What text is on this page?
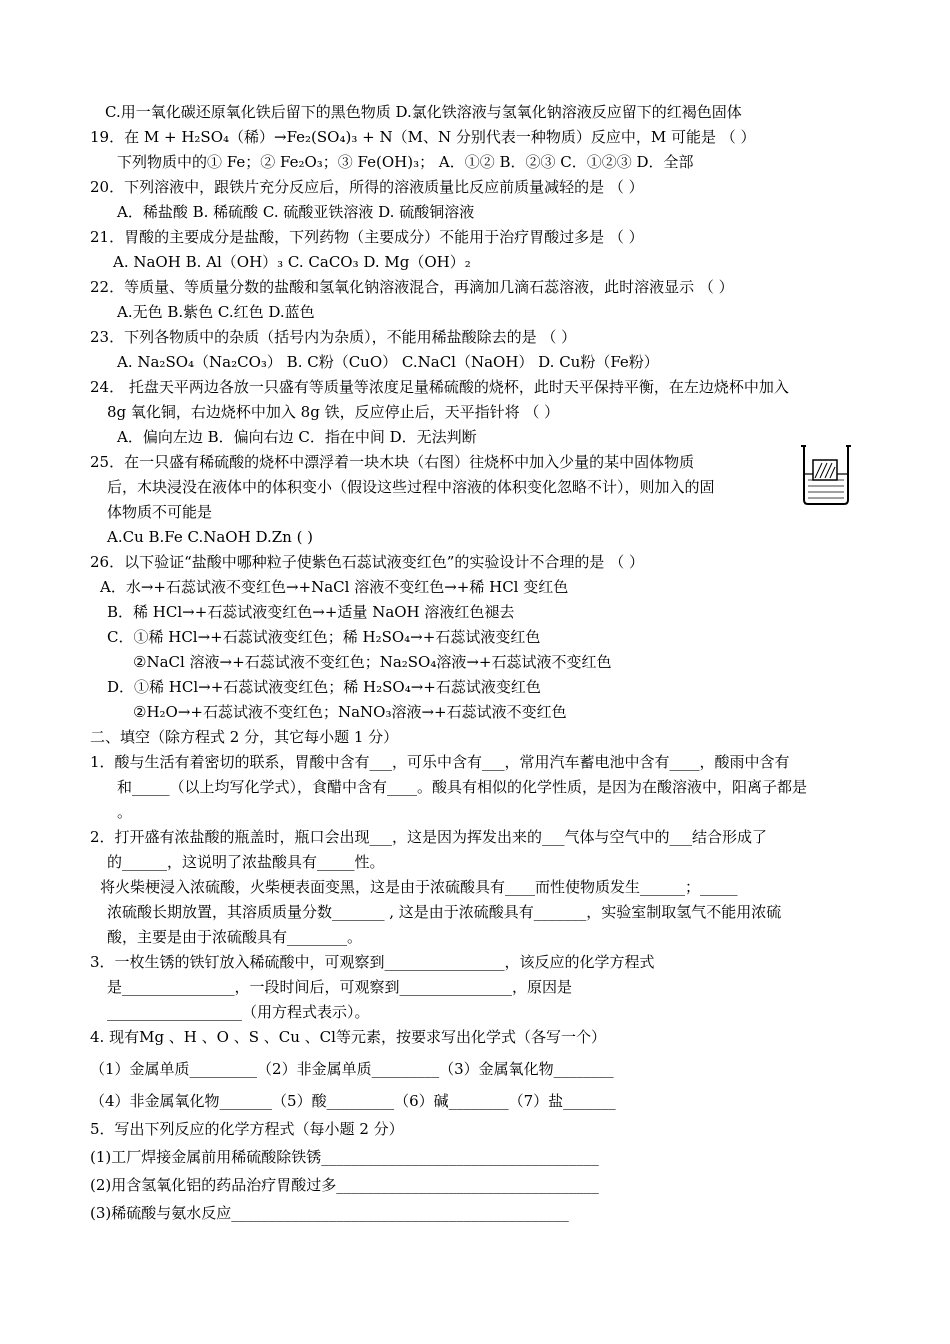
C.用一氧化碳还原氧化铁后留下的黑色物质 D.氯化铁溶液与氢氧化钠溶液反应留下的红褐色固体
19．在 M + H₂SO₄（稀）→Fe₂(SO₄)₃ + N（M、N 分别代表一种物质）反应中，M 可能是 （ ）
下列物质中的① Fe；② Fe₂O₃；③ Fe(OH)₃； A．①② B．②③ C．①②③ D．全部
20．下列溶液中，跟铁片充分反应后，所得的溶液质量比反应前质量减轻的是 （ ）
A．稀盐酸 B. 稀硫酸 C. 硫酸亚铁溶液 D. 硫酸铜溶液
21．胃酸的主要成分是盐酸，下列药物（主要成分）不能用于治疗胃酸过多是 （ ）
A. NaOH B. Al（OH）₃ C. CaCO₃ D. Mg（OH）₂
22．等质量、等质量分数的盐酸和氢氧化钠溶液混合，再滴加几滴石蕊溶液，此时溶液显示 （ ）
A.无色 B.紫色 C.红色 D.蓝色
23．下列各物质中的杂质（括号内为杂质），不能用稀盐酸除去的是 （ ）
A. Na₂SO₄（Na₂CO₃） B. C粉（CuO） C.NaCl（NaOH） D. Cu粉（Fe粉）
24． 托盘天平两边各放一只盛有等质量等浓度足量稀硫酸的烧杯，此时天平保持平衡，在左边烧杯中加入
8g 氧化铜，右边烧杯中加入 8g 铁，反应停止后，天平指针将 （ ）
A．偏向左边 B．偏向右边 C．指在中间 D．无法判断
25．在一只盛有稀硫酸的烧杯中漂浮着一块木块（右图）往烧杯中加入少量的某中固体物质
后，木块浸没在液体中的体积变小（假设这些过程中溶液的体积变化忽略不计），则加入的固
体物质不可能是
A.Cu B.Fe C.NaOH D.Zn ( )
26．以下验证“盐酸中哪种粒子使紫色石蕊试液变红色”的实验设计不合理的是 （ ）
A．水→+石蕊试液不变红色→+NaCl 溶液不变红色→+稀 HCl 变红色
B．稀 HCl→+石蕊试液变红色→+适量 NaOH 溶液红色褪去
C．①稀 HCl→+石蕊试液变红色；稀 H₂SO₄→+石蕊试液变红色
②NaCl 溶液→+石蕊试液不变红色；Na₂SO₄溶液→+石蕊试液不变红色
D．①稀 HCl→+石蕊试液变红色；稀 H₂SO₄→+石蕊试液变红色
②H₂O→+石蕊试液不变红色；NaNO₃溶液→+石蕊试液不变红色
二、填空（除方程式 2 分，其它每小题 1 分）
1．酸与生活有着密切的联系，胃酸中含有___，可乐中含有___，常用汽车蓄电池中含有____，酸雨中含有
和_____（以上均写化学式），食醋中含有____。酸具有相似的化学性质，是因为在酸溶液中，阳离子都是
。
2．打开盛有浓盐酸的瓶盖时，瓶口会出现___，这是因为挥发出来的___气体与空气中的___结合形成了
的______，这说明了浓盐酸具有_____性。
将火柴梗浸入浓硫酸，火柴梗表面变黑，这是由于浓硫酸具有____而性使物质发生______；_____
浓硫酸长期放置，其溶质质量分数_______ , 这是由于浓硫酸具有_______，实验室制取氢气不能用浓硫
酸，主要是由于浓硫酸具有________。
3．一枚生锈的铁钉放入稀硫酸中，可观察到________________，该反应的化学方程式
是_______________，一段时间后，可观察到_______________，原因是
__________________（用方程式表示）。
4. 现有Mg 、H 、O 、S 、Cu 、Cl等元素，按要求写出化学式（各写一个）
（1）金属单质_________（2）非金属单质_________（3）金属氧化物________
（4）非金属氧化物_______（5）酸_________（6）碱________（7）盐_______
5．写出下列反应的化学方程式（每小题 2 分）
(1)工厂焊接金属前用稀硫酸除铁锈_____________________________________
(2)用含氢氧化铝的药品治疗胃酸过多___________________________________
(3)稀硫酸与氨水反应_____________________________________________
